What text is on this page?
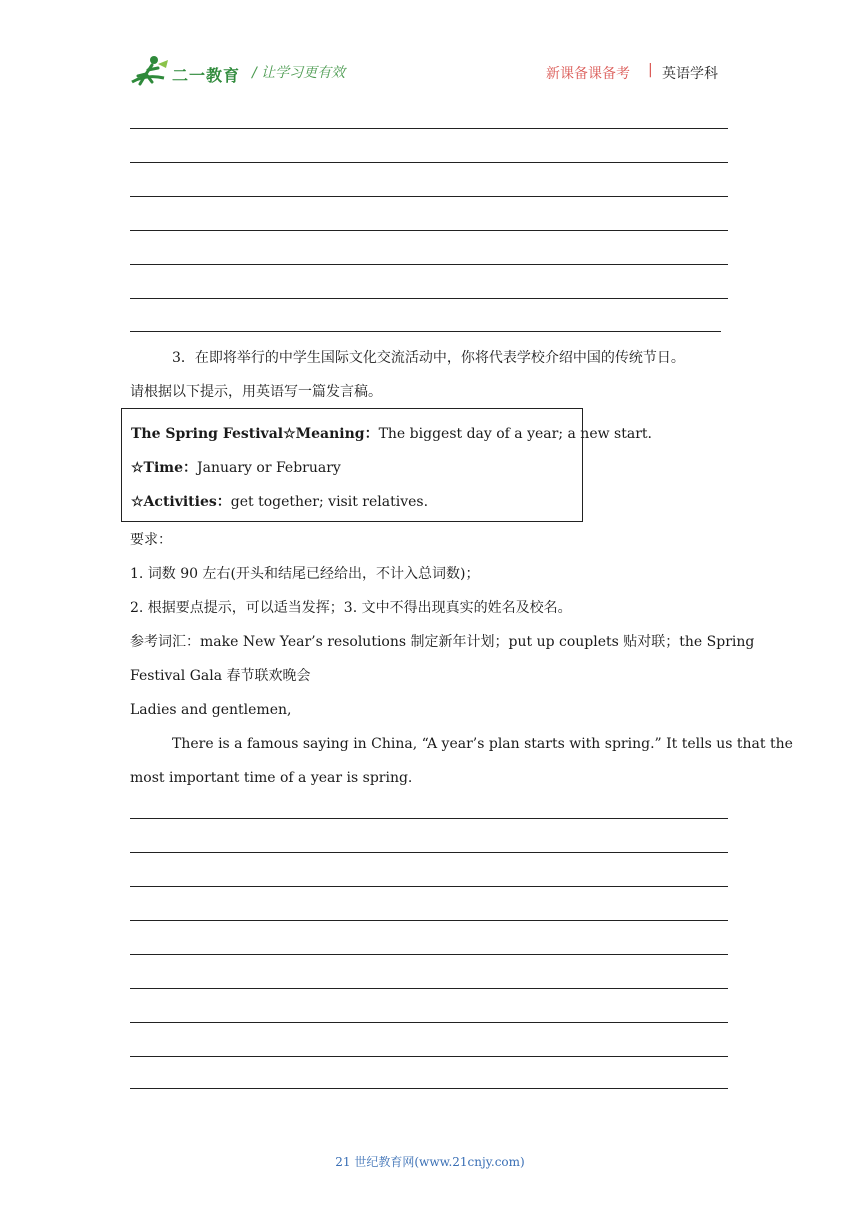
二一教育 / 让学习更有效	新课备课备考 | 英语学科
3．在即将举行的中学生国际文化交流活动中，你将代表学校介绍中国的传统节日。
请根据以下提示，用英语写一篇发言稿。
The Spring Festival☆Meaning：The biggest day of a year; a new start.
☆Time：January or February
☆Activities：get together; visit relatives.
要求：
1. 词数 90 左右(开头和结尾已经给出，不计入总词数)；
2. 根据要点提示，可以适当发挥；3. 文中不得出现真实的姓名及校名。
参考词汇：make New Year’s resolutions 制定新年计划；put up couplets 贴对联；the Spring
Festival Gala 春节联欢晚会
Ladies and gentlemen,
There is a famous saying in China, “A year’s plan starts with spring.” It tells us that the
most important time of a year is spring.
21 世纪教育网(www.21cnjy.com)
